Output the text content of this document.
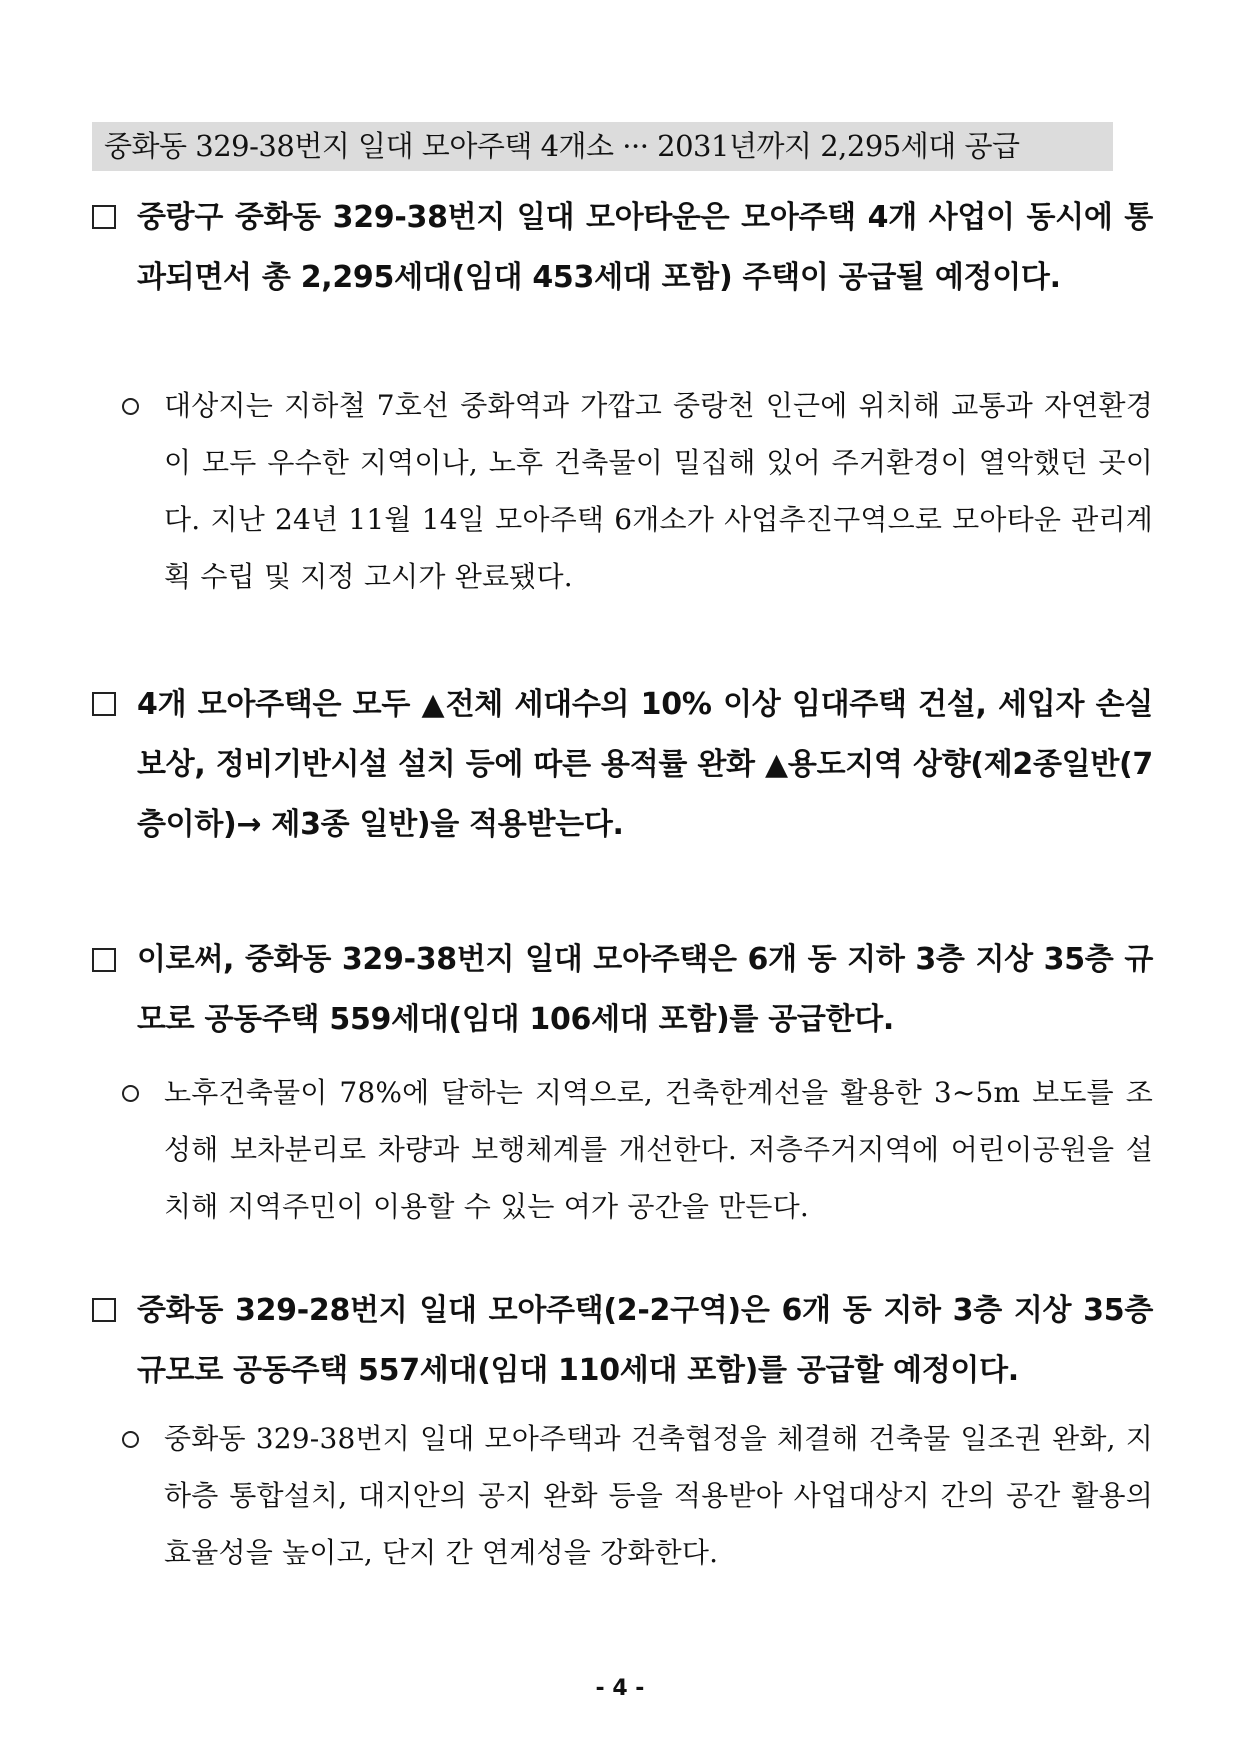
중화동 329-38번지 일대 모아주택 4개소 ··· 2031년까지 2,295세대 공급
중랑구 중화동 329-38번지 일대 모아타운은 모아주택 4개 사업이 동시에 통과되면서 총 2,295세대(임대 453세대 포함) 주택이 공급될 예정이다.
대상지는 지하철 7호선 중화역과 가깝고 중랑천 인근에 위치해 교통과 자연환경이 모두 우수한 지역이나, 노후 건축물이 밀집해 있어 주거환경이 열악했던 곳이다. 지난 24년 11월 14일 모아주택 6개소가 사업추진구역으로 모아타운 관리계획 수립 및 지정 고시가 완료됐다.
4개 모아주택은 모두 ▲전체 세대수의 10% 이상 임대주택 건설, 세입자 손실보상, 정비기반시설 설치 등에 따른 용적률 완화 ▲용도지역 상향(제2종일반(7층이하)→ 제3종 일반)을 적용받는다.
이로써, 중화동 329-38번지 일대 모아주택은 6개 동 지하 3층 지상 35층 규모로 공동주택 559세대(임대 106세대 포함)를 공급한다.
노후건축물이 78%에 달하는 지역으로, 건축한계선을 활용한 3~5m 보도를 조성해 보차분리로 차량과 보행체계를 개선한다. 저층주거지역에 어린이공원을 설치해 지역주민이 이용할 수 있는 여가 공간을 만든다.
중화동 329-28번지 일대 모아주택(2-2구역)은 6개 동 지하 3층 지상 35층 규모로 공동주택 557세대(임대 110세대 포함)를 공급할 예정이다.
중화동 329-38번지 일대 모아주택과 건축협정을 체결해 건축물 일조권 완화, 지하층 통합설치, 대지안의 공지 완화 등을 적용받아 사업대상지 간의 공간 활용의 효율성을 높이고, 단지 간 연계성을 강화한다.
- 4 -
